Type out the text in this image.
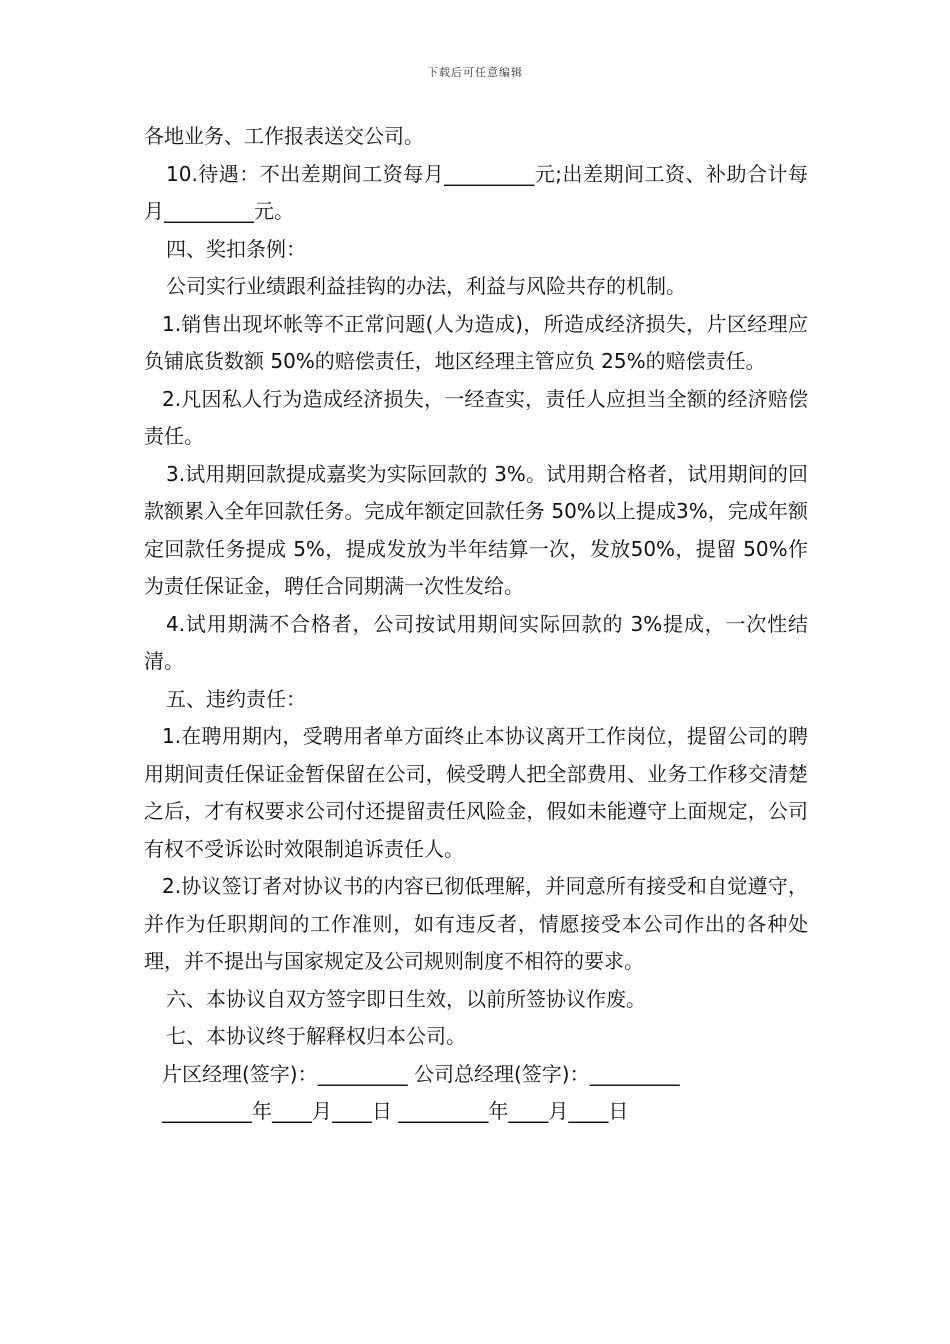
下载后可任意编辑

各地业务、工作报表送交公司。

10.待遇：不出差期间工资每月_________元;出差期间工资、补助合计每月_________元。

四、奖扣条例：

公司实行业绩跟利益挂钩的办法，利益与风险共存的机制。

1.销售出现坏帐等不正常问题(人为造成)，所造成经济损失，片区经理应负铺底货数额 50%的赔偿责任，地区经理主管应负 25%的赔偿责任。

2.凡因私人行为造成经济损失，一经查实，责任人应担当全额的经济赔偿责任。

3.试用期回款提成嘉奖为实际回款的 3%。试用期合格者，试用期间的回款额累入全年回款任务。完成年额定回款任务 50%以上提成3%，完成年额定回款任务提成 5%，提成发放为半年结算一次，发放50%，提留 50%作为责任保证金，聘任合同期满一次性发给。

4.试用期满不合格者，公司按试用期间实际回款的 3%提成，一次性结清。

五、违约责任：

1.在聘用期内，受聘用者单方面终止本协议离开工作岗位，提留公司的聘用期间责任保证金暂保留在公司，候受聘人把全部费用、业务工作移交清楚之后，才有权要求公司付还提留责任风险金，假如未能遵守上面规定，公司有权不受诉讼时效限制追诉责任人。

2.协议签订者对协议书的内容已彻低理解，并同意所有接受和自觉遵守，并作为任职期间的工作准则，如有违反者，情愿接受本公司作出的各种处理，并不提出与国家规定及公司规则制度不相符的要求。

六、本协议自双方签字即日生效，以前所签协议作废。

七、本协议终于解释权归本公司。

片区经理(签字)：_________ 公司总经理(签字)：_________

_________年____月____日 _________年____月____日
